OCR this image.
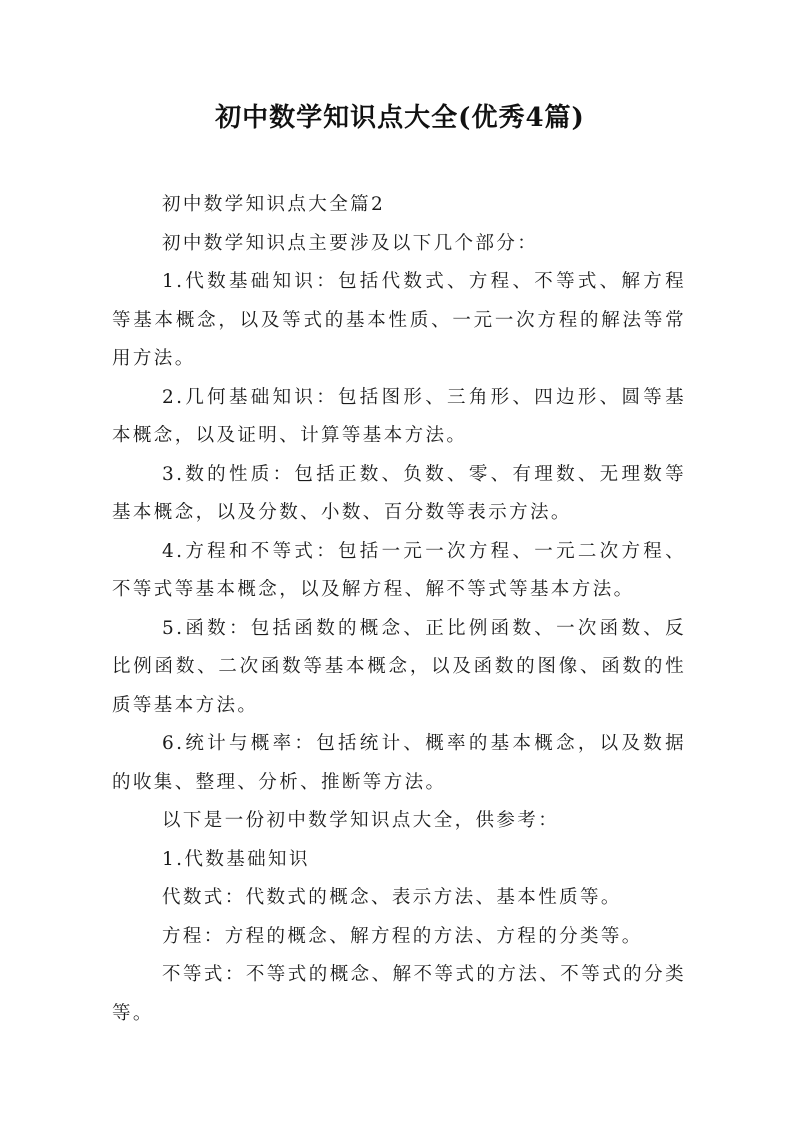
初中数学知识点大全(优秀4篇)

初中数学知识点大全篇2

初中数学知识点主要涉及以下几个部分：

1.代数基础知识：包括代数式、方程、不等式、解方程等基本概念，以及等式的基本性质、一元一次方程的解法等常用方法。

2.几何基础知识：包括图形、三角形、四边形、圆等基本概念，以及证明、计算等基本方法。

3.数的性质：包括正数、负数、零、有理数、无理数等基本概念，以及分数、小数、百分数等表示方法。

4.方程和不等式：包括一元一次方程、一元二次方程、不等式等基本概念，以及解方程、解不等式等基本方法。

5.函数：包括函数的概念、正比例函数、一次函数、反比例函数、二次函数等基本概念，以及函数的图像、函数的性质等基本方法。

6.统计与概率：包括统计、概率的基本概念，以及数据的收集、整理、分析、推断等方法。

以下是一份初中数学知识点大全，供参考：

1.代数基础知识

代数式：代数式的概念、表示方法、基本性质等。

方程：方程的概念、解方程的方法、方程的分类等。

不等式：不等式的概念、解不等式的方法、不等式的分类等。
